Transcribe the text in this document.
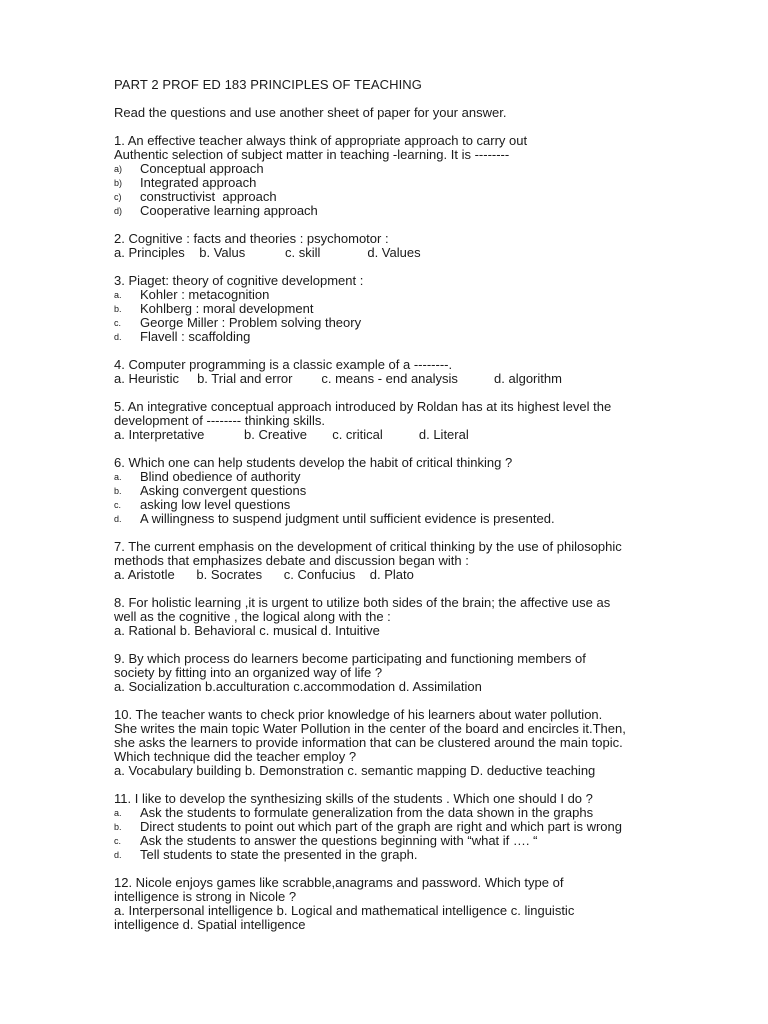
PART 2 PROF ED 183 PRINCIPLES OF TEACHING
Read the questions and use another sheet of paper for your answer.
1. An effective teacher always think of appropriate approach to carry out
Authentic selection of subject matter in teaching -learning. It is --------
a)	Conceptual approach
b)	Integrated approach
c)	constructivist  approach
d)	Cooperative learning approach
2. Cognitive : facts and theories : psychomotor :
a. Principles    b. Valus           c. skill             d. Values
3. Piaget: theory of cognitive development :
a.	Kohler : metacognition
b.	Kohlberg : moral development
c.	George Miller : Problem solving theory
d.	Flavell : scaffolding
4. Computer programming is a classic example of a --------.
a. Heuristic     b. Trial and error        c. means - end analysis          d. algorithm
5. An integrative conceptual approach introduced by Roldan has at its highest level the
development of -------- thinking skills.
a. Interpretative           b. Creative       c. critical          d. Literal
6. Which one can help students develop the habit of critical thinking ?
a.	Blind obedience of authority
b.	Asking convergent questions
c.	asking low level questions
d.	A willingness to suspend judgment until sufficient evidence is presented.
7. The current emphasis on the development of critical thinking by the use of philosophic
methods that emphasizes debate and discussion began with :
a. Aristotle      b. Socrates      c. Confucius    d. Plato
8. For holistic learning ,it is urgent to utilize both sides of the brain; the affective use as
well as the cognitive , the logical along with the :
a. Rational b. Behavioral c. musical d. Intuitive
9. By which process do learners become participating and functioning members of
society by fitting into an organized way of life ?
a. Socialization b.acculturation c.accommodation d. Assimilation
10. The teacher wants to check prior knowledge of his learners about water pollution.
She writes the main topic Water Pollution in the center of the board and encircles it.Then,
she asks the learners to provide information that can be clustered around the main topic.
Which technique did the teacher employ ?
a. Vocabulary building b. Demonstration c. semantic mapping D. deductive teaching
11. I like to develop the synthesizing skills of the students . Which one should I do ?
a.	Ask the students to formulate generalization from the data shown in the graphs
b.	Direct students to point out which part of the graph are right and which part is wrong
c.	Ask the students to answer the questions beginning with “what if …. “
d.	Tell students to state the presented in the graph.
12. Nicole enjoys games like scrabble,anagrams and password. Which type of
intelligence is strong in Nicole ?
a. Interpersonal intelligence b. Logical and mathematical intelligence c. linguistic
intelligence d. Spatial intelligence
